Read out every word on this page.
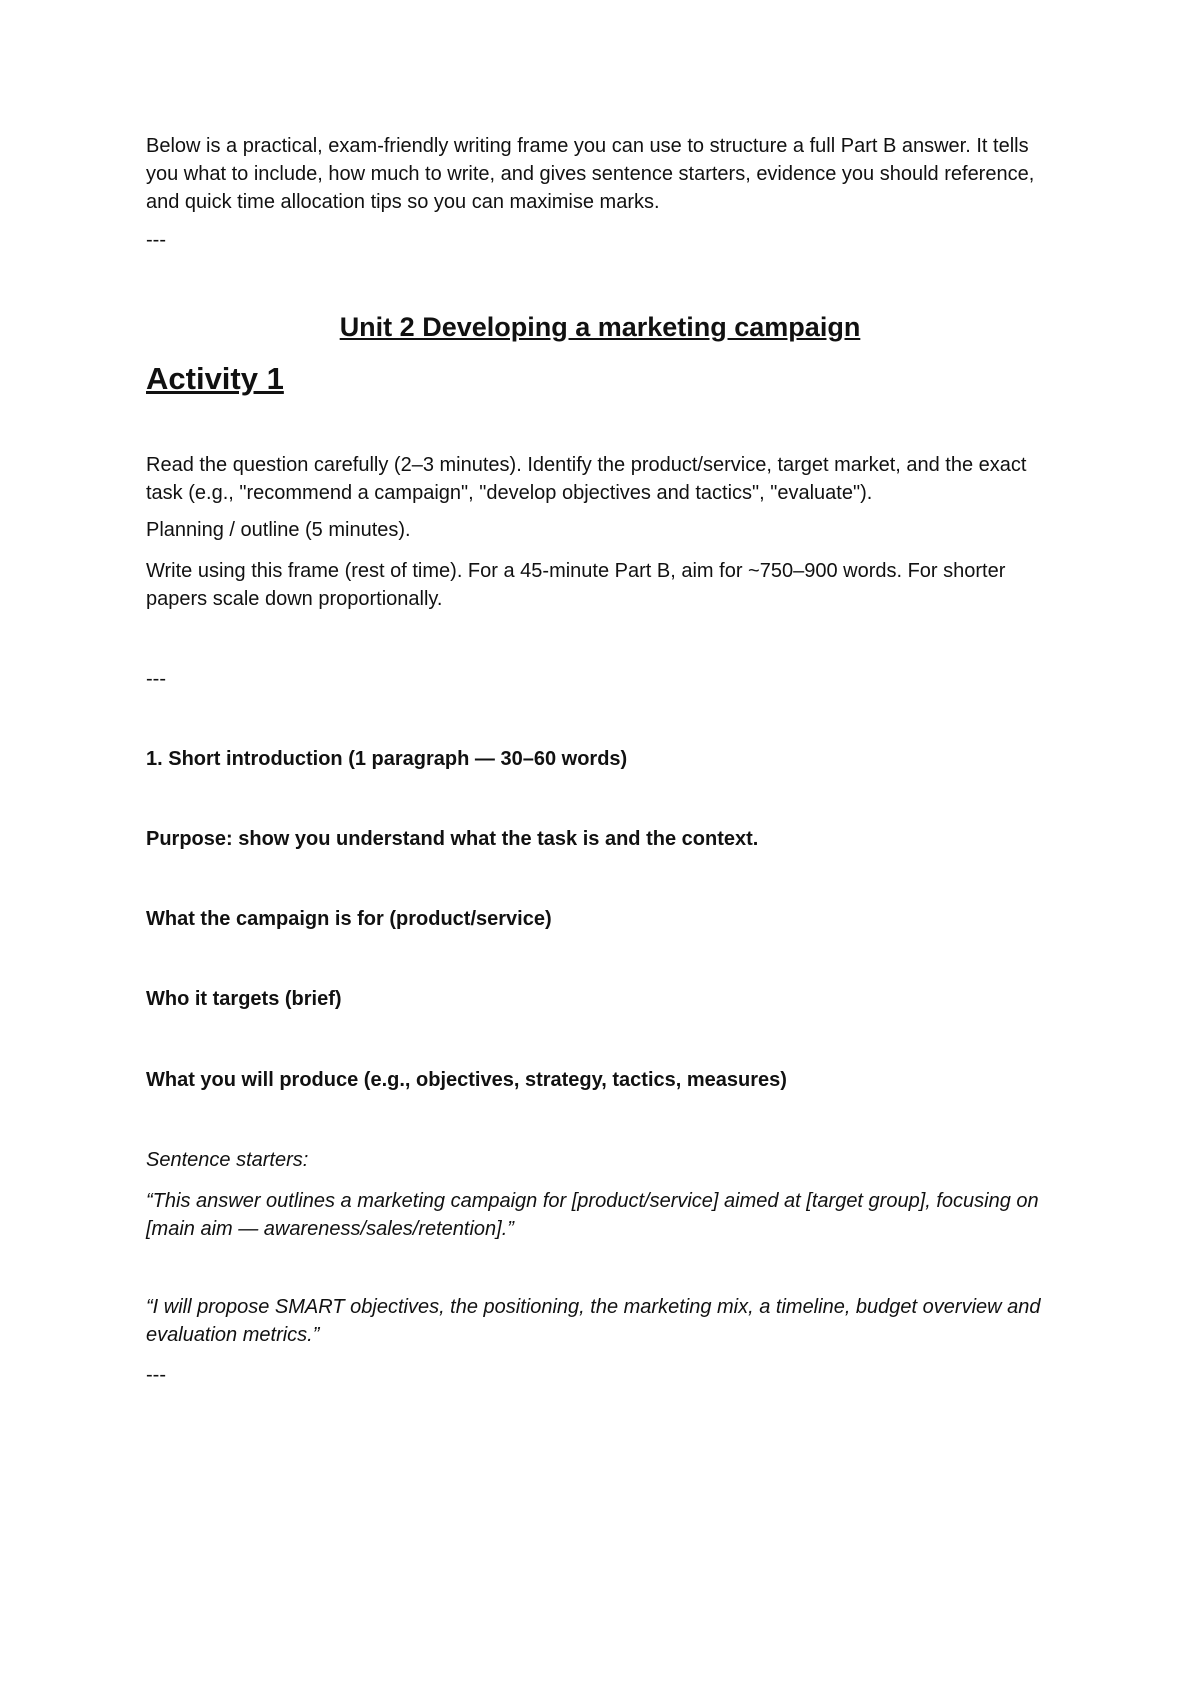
Below is a practical, exam-friendly writing frame you can use to structure a full Part B answer. It tells you what to include, how much to write, and gives sentence starters, evidence you should reference, and quick time allocation tips so you can maximise marks.

---

Unit 2 Developing a marketing campaign

Activity 1

Read the question carefully (2–3 minutes). Identify the product/service, target market, and the exact task (e.g., "recommend a campaign", "develop objectives and tactics", "evaluate").

Planning / outline (5 minutes).

Write using this frame (rest of time). For a 45-minute Part B, aim for ~750–900 words. For shorter papers scale down proportionally.

---

1. Short introduction (1 paragraph — 30–60 words)

Purpose: show you understand what the task is and the context.

What the campaign is for (product/service)

Who it targets (brief)

What you will produce (e.g., objectives, strategy, tactics, measures)

Sentence starters:

“This answer outlines a marketing campaign for [product/service] aimed at [target group], focusing on [main aim — awareness/sales/retention].”

“I will propose SMART objectives, the positioning, the marketing mix, a timeline, budget overview and evaluation metrics.”

---
